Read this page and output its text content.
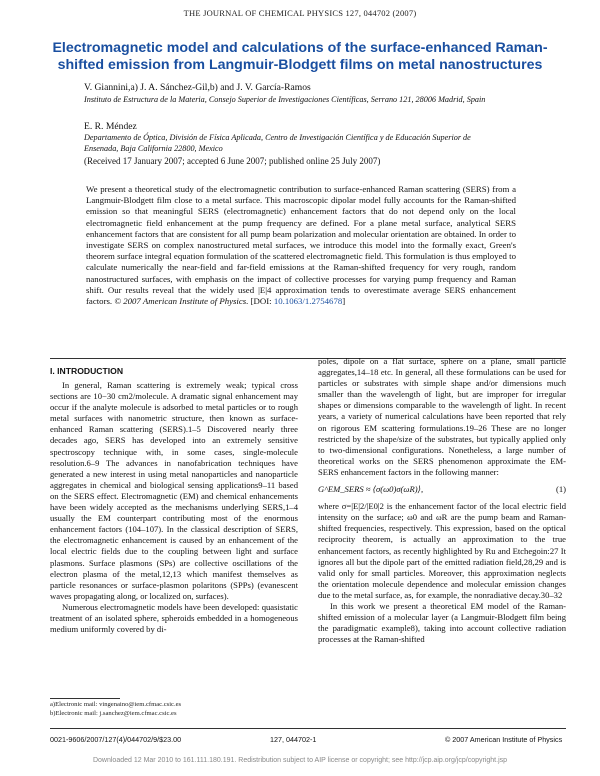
THE JOURNAL OF CHEMICAL PHYSICS 127, 044702 (2007)
Electromagnetic model and calculations of the surface-enhanced Raman-shifted emission from Langmuir-Blodgett films on metal nanostructures
V. Giannini,a) J. A. Sánchez-Gil,b) and J. V. García-Ramos
Instituto de Estructura de la Materia, Consejo Superior de Investigaciones Científicas, Serrano 121, 28006 Madrid, Spain
E. R. Méndez
Departamento de Óptica, División de Física Aplicada, Centro de Investigación Científica y de Educación Superior de Ensenada, Baja California 22800, Mexico
(Received 17 January 2007; accepted 6 June 2007; published online 25 July 2007)
We present a theoretical study of the electromagnetic contribution to surface-enhanced Raman scattering (SERS) from a Langmuir-Blodgett film close to a metal surface. This macroscopic dipolar model fully accounts for the Raman-shifted emission so that meaningful SERS (electromagnetic) enhancement factors that do not depend only on the local electromagnetic field enhancement at the pump frequency are defined. For a plane metal surface, analytical SERS enhancement factors that are consistent for all pump beam polarization and molecular orientation are obtained. In order to investigate SERS on complex nanostructured metal surfaces, we introduce this model into the formally exact, Green's theorem surface integral equation formulation of the scattered electromagnetic field. This formulation is thus employed to calculate numerically the near-field and far-field emissions at the Raman-shifted frequency for very rough, random nanostructured surfaces, with emphasis on the impact of collective processes for varying pump frequency and Raman shift. Our results reveal that the widely used |E|4 approximation tends to overestimate average SERS enhancement factors. © 2007 American Institute of Physics. [DOI: 10.1063/1.2754678]
I. INTRODUCTION

In general, Raman scattering is extremely weak; typical cross sections are 10−30 cm2/molecule. A dramatic signal enhancement may occur if the analyte molecule is adsorbed to metal particles or to rough metal surfaces with nanometric structure, then known as surface-enhanced Raman scattering (SERS).1–5 Discovered nearly three decades ago, SERS has developed into an extremely sensitive spectroscopy technique with, in some cases, single-molecule resolution.6–9 The advances in nanofabrication techniques have generated a new interest in using metal nanoparticles and nanoparticle aggregates in chemical and biological sensing applications9–11 based on the SERS effect. Electromagnetic (EM) and chemical enhancements have been widely accepted as the mechanisms underlying SERS,1–4 usually the EM counterpart contributing most of the enormous enhancement factors (104–107). In the classical description of SERS, the electromagnetic enhancement is caused by an enhancement of the local electric fields due to the coupling between light and surface plasmons. Surface plasmons (SPs) are collective oscillations of the electron plasma of the metal,12,13 which manifest themselves as particle resonances or surface-plasmon polaritons (SPPs) (evanescent waves propagating along, or localized on, surfaces).

Numerous electromagnetic models have been developed: quasistatic treatment of an isolated sphere, spheroids embedded in a homogeneous medium uniformly covered by di-

a)Electronic mail: vingenaino@iem.cfmac.csic.es
b)Electronic mail: j.sanchez@iem.cfmac.csic.es

poles, dipole on a flat surface, sphere on a plane, small particle aggregates,14–18 etc. In general, all these formulations can be used for particles or substrates with simple shape and/or dimensions much smaller than the wavelength of light, but are improper for irregular shapes or dimensions comparable to the wavelength of light. In recent years, a variety of numerical calculations have been reported that rely on rigorous EM scattering formulations.19–26 These are no longer restricted by the shape/size of the substrates, but typically applied only to two-dimensional configurations. Nonetheless, a large number of theoretical works on the SERS phenomenon approximate the EM-SERS enhancement factors in the following manner:

G^EM_SERS ≈ ⟨σ(ω0)σ(ωR)⟩,	(1)

where σ=|E|2/|E0|2 is the enhancement factor of the local electric field intensity on the surface; ω0 and ωR are the pump beam and Raman-shifted frequencies, respectively. This expression, based on the optical reciprocity theorem, is actually an approximation to the true enhancement factors, as recently highlighted by Ru and Etchegoin:27 It ignores all but the dipole part of the emitted radiation field,28,29 and is valid only for small particles. Moreover, this approximation neglects the orientation molecule dependence and molecular emission changes due to the metal surface, as, for example, the nonradiative decay.30–32

In this work we present a theoretical EM model of the Raman-shifted emission of a molecular layer (a Langmuir-Blodgett film being the paradigmatic example8), taking into account collective radiation processes at the Raman-shifted

0021-9606/2007/127(4)/044702/9/$23.00	127, 044702-1	© 2007 American Institute of Physics
Downloaded 12 Mar 2010 to 161.111.180.191. Redistribution subject to AIP license or copyright; see http://jcp.aip.org/jcp/copyright.jsp
